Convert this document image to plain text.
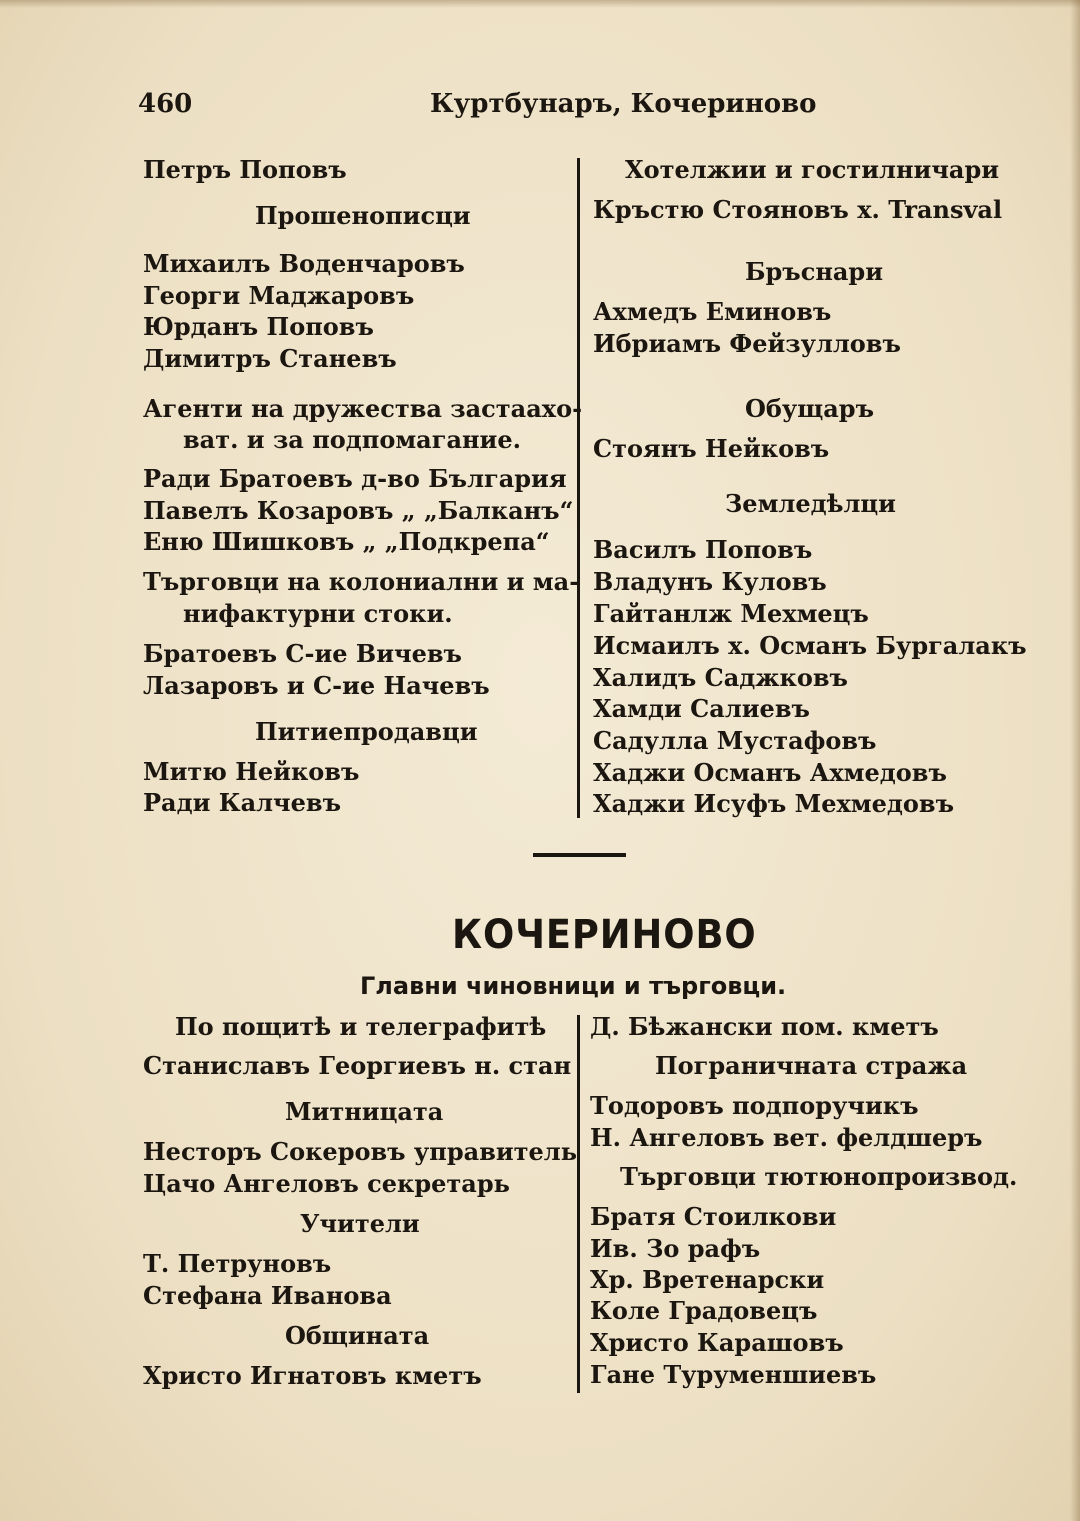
460	Куртбунаръ, Кочериново
Петръ Поповъ
Прошенописци
Михаилъ Воденчаровъ
Георги Маджаровъ
Юрданъ Поповъ
Димитръ Станевъ
Агенти на дружества застаахо-
ват. и за подпомагание.
Ради Братоевъ д-во България
Павелъ Козаровъ „ „Балканъ“
Еню Шишковъ „ „Подкрепа“
Търговци на колониални и ма-
нифактурни стоки.
Братоевъ С-ие Вичевъ
Лазаровъ и С-ие Начевъ
Питиепродавци
Митю Нейковъ
Ради Калчевъ
Хотелжии и гостилничари
Кръстю Стояновъ х. Transval
Бръснари
Ахмедъ Еминовъ
Ибриамъ Фейзулловъ
Обущаръ
Стоянъ Нейковъ
Земледѣлци
Василъ Поповъ
Владунъ Куловъ
Гайтанлж Мехмецъ
Исмаилъ х. Османъ Бургалакъ
Халидъ Саджковъ
Хамди Салиевъ
Садулла Мустафовъ
Хаджи Османъ Ахмедовъ
Хаджи Исуфъ Мехмедовъ
КОЧЕРИНОВО
Главни чиновници и търговци.
По пощитѣ и телеграфитѣ
Станиславъ Георгиевъ н. стан
Митницата
Несторъ Сокеровъ управитель
Цачо Ангеловъ секретарь
Учители
Т. Петруновъ
Стефана Иванова
Общината
Христо Игнатовъ кметъ
Д. Бѣжански пом. кметъ
Пограничната стража
Тодоровъ подпоручикъ
Н. Ангеловъ вет. фелдшеръ
Търговци тютюнопроизвод.
Братя Стоилкови
Ив. Зо рафъ
Хр. Вретенарски
Коле Градовецъ
Христо Карашовъ
Гане Туруменшиевъ
